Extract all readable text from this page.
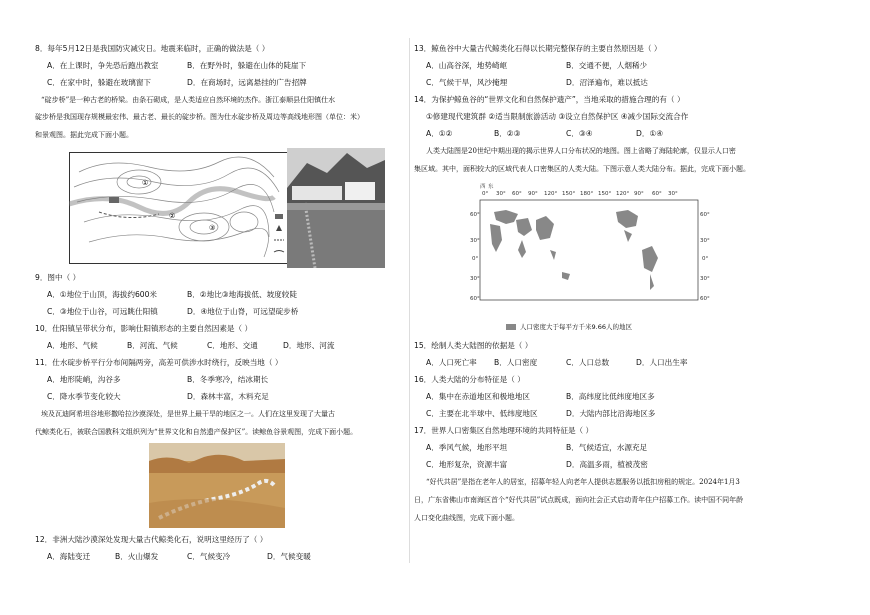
8．每年5月12日是我国防灾减灾日。地震来临时，正确的做法是（ ）
A．在上课时，争先恐后跑出教室	B．在野外时，躲避在山体的陡崖下
C．在家中时，躲避在玻璃窗下	D．在商场时，远离悬挂的广告招牌
“碇步桥”是一种古老的桥梁。由条石砌成，是人类适应自然环境的杰作。浙江泰顺县仕阳镇仕水
碇步桥是我国现存规模最宏伟、最古老、最长的碇步桥。图为仕水碇步桥及周边等高线地形图（单位：米）
和景观图。据此完成下面小题。
①
②
③
9．图中（ ）
A．①地位于山顶，海拔约600米	B．②地比③地海拔低、坡度较陡
C．③地位于山谷，可远眺仕阳镇	D．④地位于山脊，可远望碇步桥
10．仕阳镇呈带状分布，影响仕阳镇形态的主要自然因素是（ ）
A．地形、气候	B．河流、气候	C．地形、交通	D．地形、河流
11．仕水碇步桥平行分布间隔两旁，高差可供涉水时绕行，反映当地（ ）
A．地形陡峭，沟谷多	B．冬季寒冷，结冰期长
C．降水季节变化较大	D．森林丰富，木料充足
埃及瓦迪阿希坦谷地形撒哈拉沙漠深处，是世界上最干旱的地区之一。人们在这里发现了大量古
代鲸类化石，被联合国教科文组织列为“世界文化和自然遗产保护区”。读鲸鱼谷景观图，完成下面小题。
12．非洲大陆沙漠深处发现大量古代鲸类化石，说明这里经历了（ ）
A．海陆变迁	B．火山爆发	C．气候变冷	D．气候变暖
13．鲸鱼谷中大量古代鲸类化石得以长期完整保存的主要自然原因是（ ）
A．山高谷深，地势崎岖	B．交通不便，人烟稀少
C．气候干旱，风沙掩埋	D．沼泽遍布，难以抵达
14．为保护鲸鱼谷的“世界文化和自然保护遗产”，当地采取的措施合理的有（ ）
①修建现代建筑群 ②适当限制旅游活动 ③设立自然保护区 ④减少国际交流合作
A．①②	B．②③	C．③④	D．①④
人类大陆图是20世纪中期出现的揭示世界人口分布状况的地图。图上省略了海陆轮廓，仅显示人口密
集区域。其中，面积较大的区域代表人口密集区的人类大陆。下图示意人类大陆分布。据此，完成下面小题。
西 东
0° 30° 60° 90° 120° 150° 180° 150° 120° 90° 60° 30°
60°
30°
0°
30°
60°
60°
30°
0°
30°
60°
人口密度大于每平方千米9.66人的地区
15．绘制人类大陆图的依据是（ ）
A．人口死亡率 B．人口密度	C．人口总数	D．人口出生率
16．人类大陆的分布特征是（ ）
A．集中在赤道地区和极地地区	B．高纬度比低纬度地区多
C．主要在北半球中、低纬度地区	D．大陆内部比沿海地区多
17．世界人口密集区自然地理环境的共同特征是（ ）
A．季风气候，地形平坦	B．气候适宜，水源充足
C．地形复杂，资源丰富	D．高温多雨，植被茂密
“好代共居”是指在老年人的居室，招募年轻人向老年人提供志愿服务以抵扣房租的规定。2024年1月3
日，广东省佛山市南海区首个“好代共居”试点既成，面向社会正式启动青年住户招募工作。读中国不同年龄
人口变化曲线图，完成下面小题。
